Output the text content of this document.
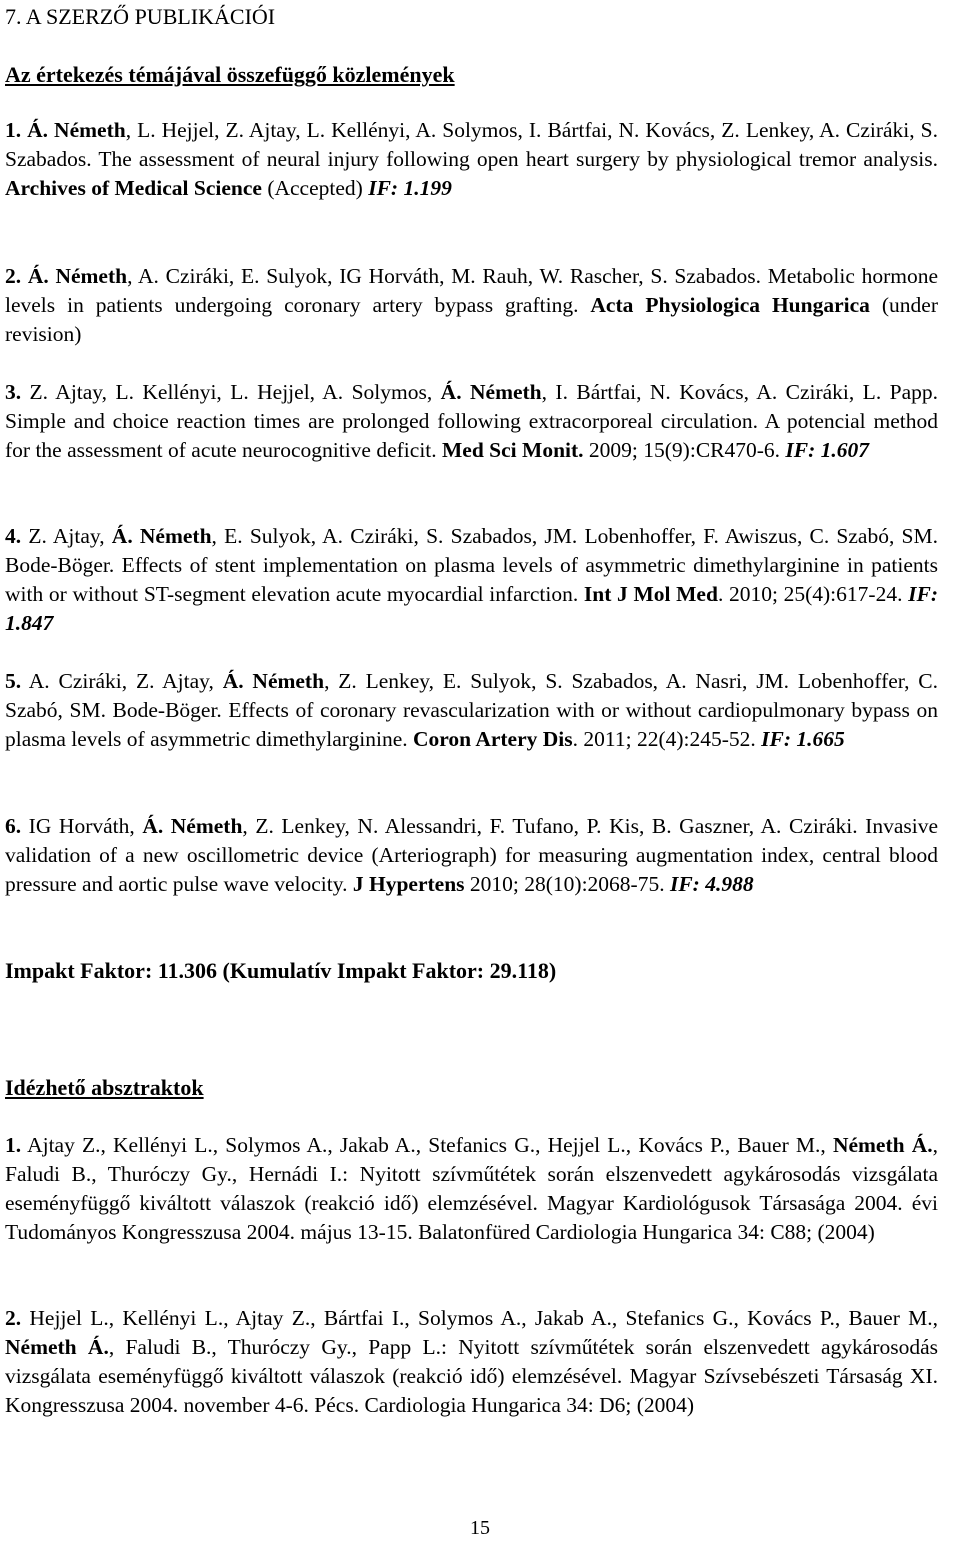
7. A SZERZŐ PUBLIKÁCIÓI
Az értekezés témájával összefüggő közlemények

1. Á. Németh, L. Hejjel, Z. Ajtay, L. Kellényi, A. Solymos, I. Bártfai, N. Kovács, Z. Lenkey, A. Cziráki, S. Szabados. The assessment of neural injury following open heart surgery by physiological tremor analysis. Archives of Medical Science (Accepted) IF: 1.199

2. Á. Németh, A. Cziráki, E. Sulyok, IG Horváth, M. Rauh, W. Rascher, S. Szabados. Metabolic hormone levels in patients undergoing coronary artery bypass grafting. Acta Physiologica Hungarica (under revision)

3. Z. Ajtay, L. Kellényi, L. Hejjel, A. Solymos, Á. Németh, I. Bártfai, N. Kovács, A. Cziráki, L. Papp. Simple and choice reaction times are prolonged following extracorporeal circulation. A potencial method for the assessment of acute neurocognitive deficit. Med Sci Monit. 2009; 15(9):CR470-6. IF: 1.607

4. Z. Ajtay, Á. Németh, E. Sulyok, A. Cziráki, S. Szabados, JM. Lobenhoffer, F. Awiszus, C. Szabó, SM. Bode-Böger. Effects of stent implementation on plasma levels of asymmetric dimethylarginine in patients with or without ST-segment elevation acute myocardial infarction. Int J Mol Med. 2010; 25(4):617-24. IF: 1.847

5. A. Cziráki, Z. Ajtay, Á. Németh, Z. Lenkey, E. Sulyok, S. Szabados, A. Nasri, JM. Lobenhoffer, C. Szabó, SM. Bode-Böger. Effects of coronary revascularization with or without cardiopulmonary bypass on plasma levels of asymmetric dimethylarginine. Coron Artery Dis. 2011; 22(4):245-52. IF: 1.665

6. IG Horváth, Á. Németh, Z. Lenkey, N. Alessandri, F. Tufano, P. Kis, B. Gaszner, A. Cziráki. Invasive validation of a new oscillometric device (Arteriograph) for measuring augmentation index, central blood pressure and aortic pulse wave velocity. J Hypertens 2010; 28(10):2068-75. IF: 4.988

Impakt Faktor: 11.306 (Kumulatív Impakt Faktor: 29.118)

Idézhető absztraktok

1. Ajtay Z., Kellényi L., Solymos A., Jakab A., Stefanics G., Hejjel L., Kovács P., Bauer M., Németh Á., Faludi B., Thuróczy Gy., Hernádi I.: Nyitott szívműtétek során elszenvedett agykárosodás vizsgálata eseményfüggő kiváltott válaszok (reakció idő) elemzésével. Magyar Kardiológusok Társasága 2004. évi Tudományos Kongresszusa 2004. május 13-15. Balatonfüred Cardiologia Hungarica 34: C88; (2004)

2. Hejjel L., Kellényi L., Ajtay Z., Bártfai I., Solymos A., Jakab A., Stefanics G., Kovács P., Bauer M., Németh Á., Faludi B., Thuróczy Gy., Papp L.: Nyitott szívműtétek során elszenvedett agykárosodás vizsgálata eseményfüggő kiváltott válaszok (reakció idő) elemzésével. Magyar Szívsebészeti Társaság XI. Kongresszusa 2004. november 4-6. Pécs. Cardiologia Hungarica 34: D6; (2004)

15
